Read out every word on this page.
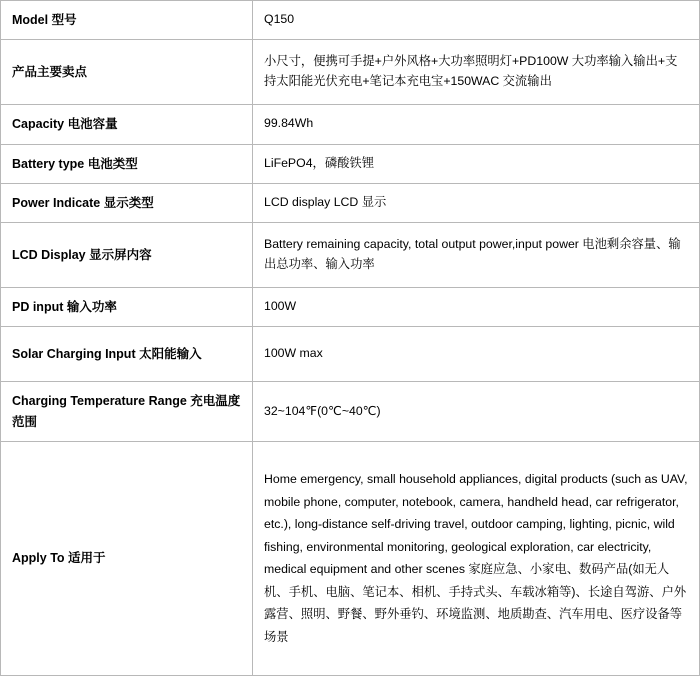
Model 型号	Q150
产品主要卖点	小尺寸，便携可手提+户外风格+大功率照明灯+PD100W 大功率输入输出+支持太阳能光伏充电+笔记本充电宝+150WAC 交流输出
Capacity 电池容量	99.84Wh
Battery type 电池类型	LiFePO4，磷酸铁锂
Power Indicate 显示类型	LCD display LCD 显示
LCD Display 显示屏内容	Battery remaining capacity, total output power,input power 电池剩余容量、输出总功率、输入功率
PD input 输入功率	100W
Solar Charging Input 太阳能输入	100W max
Charging Temperature Range 充电温度范围	32~104℉(0℃~40℃)
Apply To 适用于	Home emergency, small household appliances, digital products (such as UAV, mobile phone, computer, notebook, camera, handheld head, car refrigerator, etc.), long-distance self-driving travel, outdoor camping, lighting, picnic, wild fishing, environmental monitoring, geological exploration, car electricity, medical equipment and other scenes 家庭应急、小家电、数码产品(如无人机、手机、电脑、笔记本、相机、手持式头、车载冰箱等)、长途自驾游、户外露营、照明、野餐、野外垂钓、环境监测、地质勘查、汽车用电、医疗设备等场景
